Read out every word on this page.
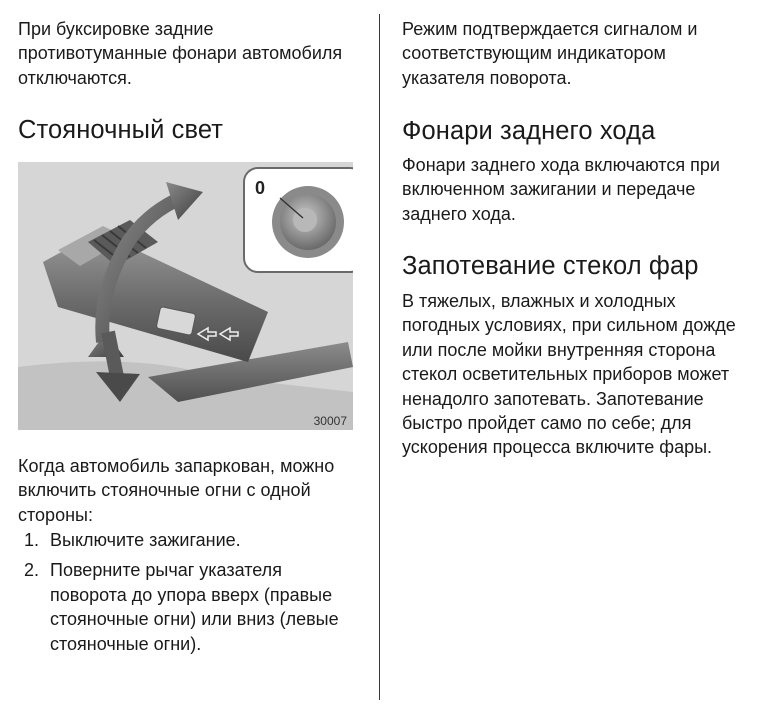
При буксировке задние противотуманные фонари автомобиля отключаются.

Стояночный свет
0
30007

Когда автомобиль запаркован, можно включить стояночные огни с одной стороны:

1. Выключите зажигание.
2. Поверните рычаг указателя поворота до упора вверх (правые стояночные огни) или вниз (левые стояночные огни).

Режим подтверждается сигналом и соответствующим индикатором указателя поворота.

Фонари заднего хода

Фонари заднего хода включаются при включенном зажигании и передаче заднего хода.

Запотевание стекол фар

В тяжелых, влажных и холодных погодных условиях, при сильном дожде или после мойки внутренняя сторона стекол осветительных приборов может ненадолго запотевать. Запотевание быстро пройдет само по себе; для ускорения процесса включите фары.
